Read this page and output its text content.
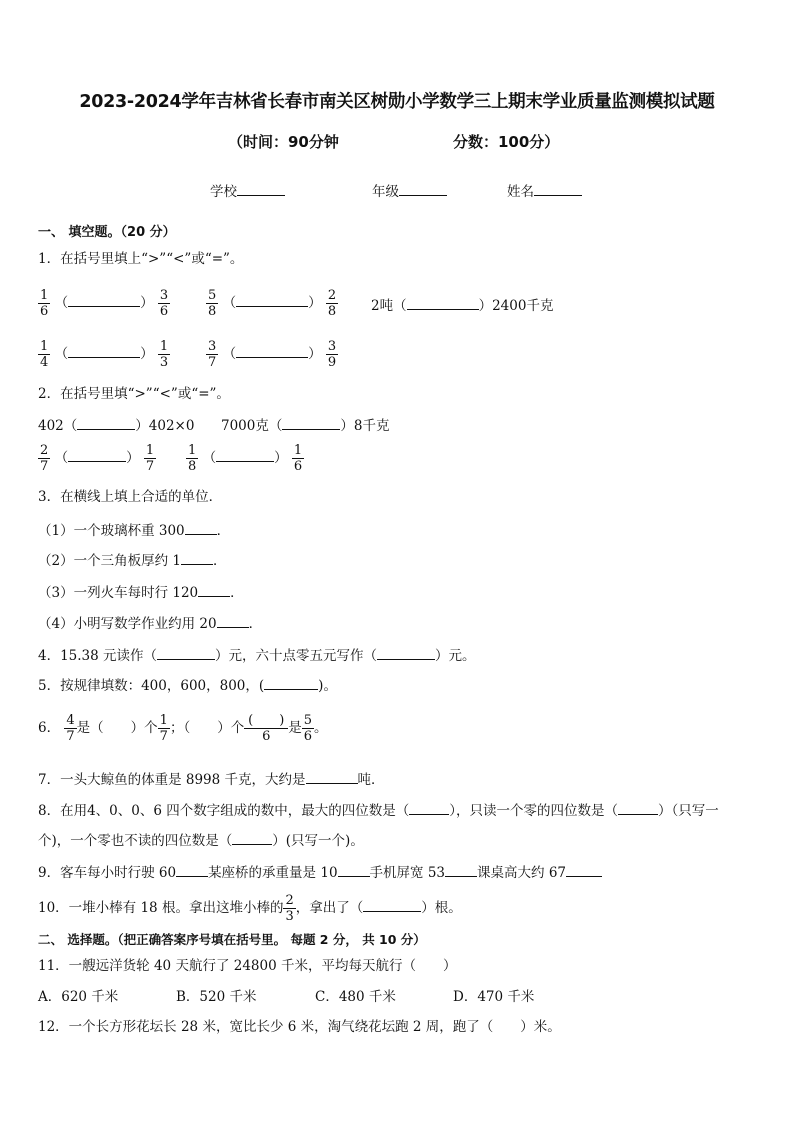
2023-2024学年吉林省长春市南关区树勋小学数学三上期末学业质量监测模拟试题
（时间：90分钟	分数：100分）
学校	年级	姓名
一、 填空题。（20 分）
1．在括号里填上“>”“<”或“=”。
$\frac{1}{6}$ （	） $\frac{3}{6}$	$\frac{5}{8}$ （	） $\frac{2}{8} 2$吨（	）2400千克
$\frac{1}{4}$ （	） $\frac{1}{3}$	$\frac{3}{7}$ （	） $\frac{3}{9}$
2．在括号里填“>”“<”或“=”。
402（	）402×0 7000克（	）8千克
$\frac{2}{7}$ （	） $\frac{1}{7} \frac{1}{8}$ （	） $\frac{1}{6}$
3．在横线上填上合适的单位．
（1）一个玻璃杯重 300 ．
（2）一个三角板厚约 1 ．
（3）一列火车每时行 120 ．
（4）小明写数学作业约用 20 ．
4．15.38 元读作（	）元，六十点零五元写作（	）元。
5．按规律填数：400，600，800，(	)。
6． $\frac{4}{7}$ 是（　　）个 $\frac{1}{7}$ ；（　　）个 $\frac{( )}{6}$ 是 $\frac{5}{6}$ 。
7．一头大鲸鱼的体重是 8998 千克，大约是	吨．
8．在用4、0、0、6 四个数字组成的数中，最大的四位数是（	），只读一个零的四位数是（	）（只写一
个)，一个零也不读的四位数是（	）(只写一个)。
9．客车每小时行驶 60 某座桥的承重量是 10 手机屏宽 53 课桌高大约 67
10．一堆小棒有 18 根。拿出这堆小棒的 $\frac{2}{3}$ ，拿出了（	）根。
二、 选择题。（把正确答案序号填在括号里。 每题 2 分， 共 10 分）
11．一艘远洋货轮 40 天航行了 24800 千米，平均每天航行（　　）
A．620 千米	B．520 千米	C．480 千米	D．470 千米
12．一个长方形花坛长 28 米，宽比长少 6 米，淘气绕花坛跑 2 周，跑了（　　）米。
